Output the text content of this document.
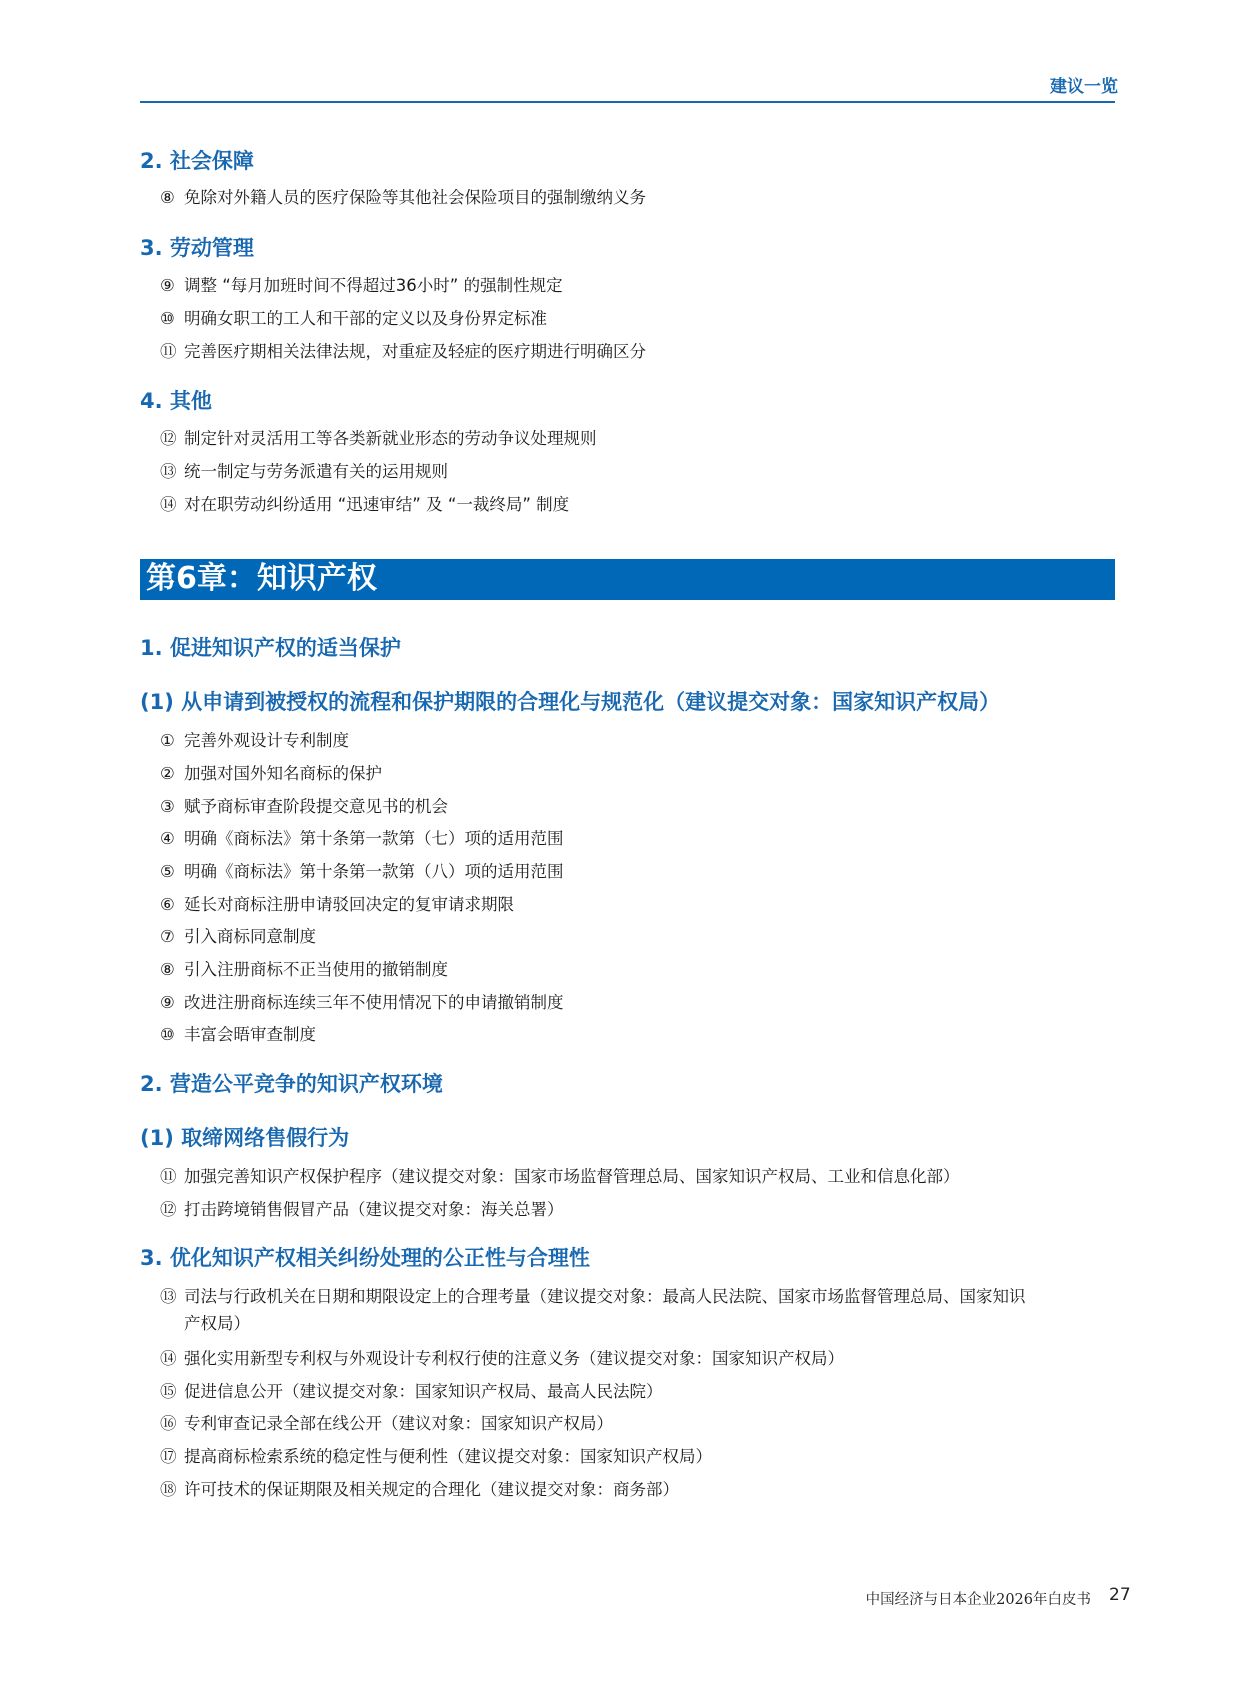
建议一览
2. 社会保障
⑧ 免除对外籍人员的医疗保险等其他社会保险项目的强制缴纳义务
3. 劳动管理
⑨ 调整 “每月加班时间不得超过36小时” 的强制性规定
⑩ 明确女职工的工人和干部的定义以及身份界定标准
⑪ 完善医疗期相关法律法规，对重症及轻症的医疗期进行明确区分
4. 其他
⑫ 制定针对灵活用工等各类新就业形态的劳动争议处理规则
⑬ 统一制定与劳务派遣有关的运用规则
⑭ 对在职劳动纠纷适用 “迅速审结” 及 “一裁终局” 制度
第6章：知识产权
1. 促进知识产权的适当保护
(1) 从申请到被授权的流程和保护期限的合理化与规范化（建议提交对象：国家知识产权局）
① 完善外观设计专利制度
② 加强对国外知名商标的保护
③ 赋予商标审查阶段提交意见书的机会
④ 明确《商标法》第十条第一款第（七）项的适用范围
⑤ 明确《商标法》第十条第一款第（八）项的适用范围
⑥ 延长对商标注册申请驳回决定的复审请求期限
⑦ 引入商标同意制度
⑧ 引入注册商标不正当使用的撤销制度
⑨ 改进注册商标连续三年不使用情况下的申请撤销制度
⑩ 丰富会晤审查制度
2. 营造公平竞争的知识产权环境
(1) 取缔网络售假行为
⑪ 加强完善知识产权保护程序（建议提交对象：国家市场监督管理总局、国家知识产权局、工业和信息化部）
⑫ 打击跨境销售假冒产品（建议提交对象：海关总署）
3. 优化知识产权相关纠纷处理的公正性与合理性
⑬ 司法与行政机关在日期和期限设定上的合理考量（建议提交对象：最高人民法院、国家市场监督管理总局、国家知识
产权局）
⑭ 强化实用新型专利权与外观设计专利权行使的注意义务（建议提交对象：国家知识产权局）
⑮ 促进信息公开（建议提交对象：国家知识产权局、最高人民法院）
⑯ 专利审查记录全部在线公开（建议对象：国家知识产权局）
⑰ 提高商标检索系统的稳定性与便利性（建议提交对象：国家知识产权局）
⑱ 许可技术的保证期限及相关规定的合理化（建议提交对象：商务部）
中国经济与日本企业2026年白皮书 27
